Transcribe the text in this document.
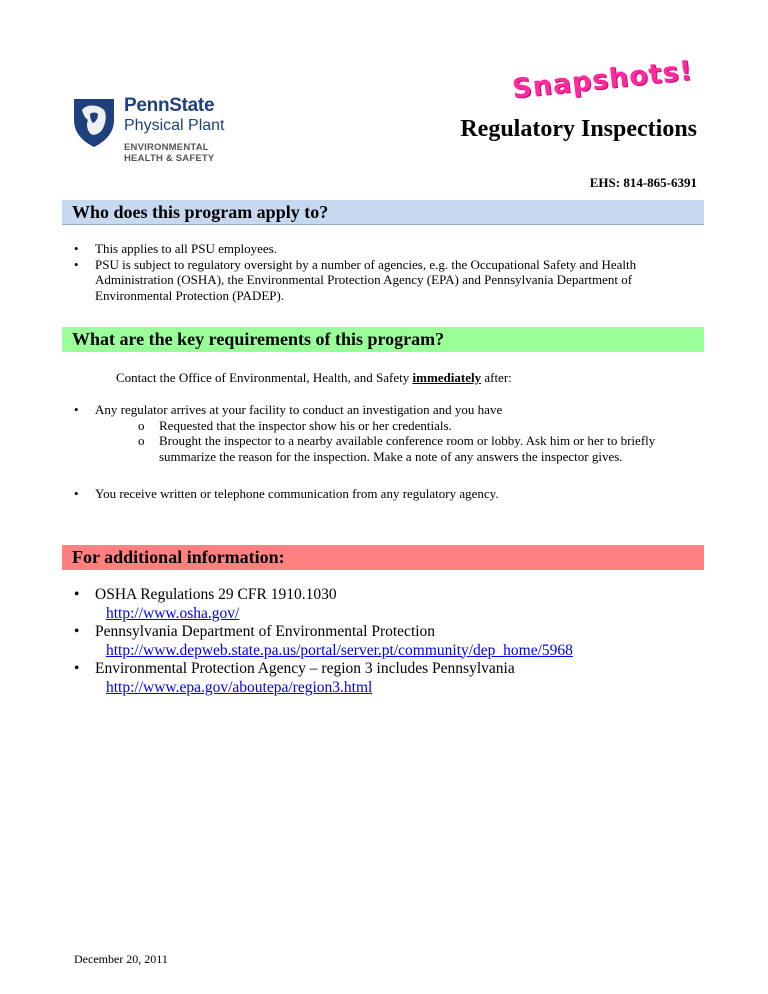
PennState
Physical Plant
ENVIRONMENTAL
HEALTH & SAFETY
Snapshots!
Regulatory Inspections
EHS: 814-865-6391
Who does this program apply to?
• This applies to all PSU employees.
• PSU is subject to regulatory oversight by a number of agencies, e.g. the Occupational Safety and Health Administration (OSHA), the Environmental Protection Agency (EPA) and Pennsylvania Department of Environmental Protection (PADEP).
What are the key requirements of this program?
Contact the Office of Environmental, Health, and Safety immediately after:
• Any regulator arrives at your facility to conduct an investigation and you have
o Requested that the inspector show his or her credentials.
o Brought the inspector to a nearby available conference room or lobby. Ask him or her to briefly summarize the reason for the inspection. Make a note of any answers the inspector gives.
• You receive written or telephone communication from any regulatory agency.
For additional information:
• OSHA Regulations 29 CFR 1910.1030
http://www.osha.gov/
• Pennsylvania Department of Environmental Protection
http://www.depweb.state.pa.us/portal/server.pt/community/dep_home/5968
• Environmental Protection Agency – region 3 includes Pennsylvania
http://www.epa.gov/aboutepa/region3.html
December 20, 2011
